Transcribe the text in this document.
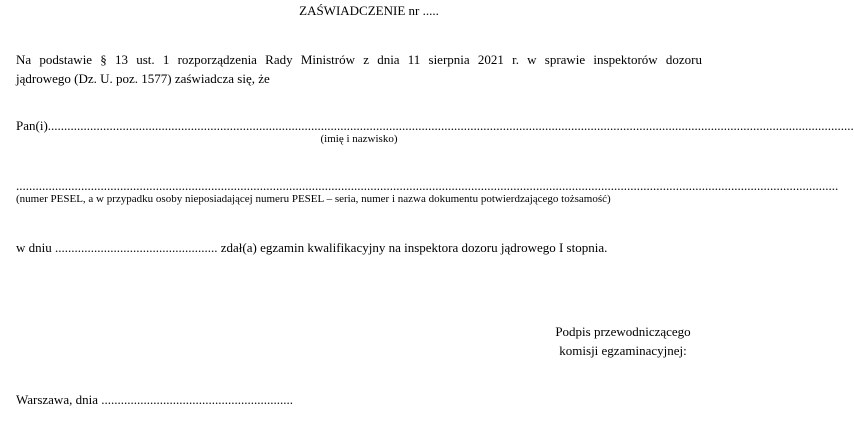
ZAŚWIADCZENIE nr .....
Na podstawie § 13 ust. 1 rozporządzenia Rady Ministrów z dnia 11 sierpnia 2021 r. w sprawie inspektorów dozoru
jądrowego (Dz. U. poz. 1577) zaświadcza się, że
Pan(i) ........................................................................................................................................................................................................................................................
(imię i nazwisko)
.............................................................................................................................................................................................................................................................
(numer PESEL, a w przypadku osoby nieposiadającej numeru PESEL – seria, numer i nazwa dokumentu potwierdzającego tożsamość)
w dniu .................................................. zdał(a) egzamin kwalifikacyjny na inspektora dozoru jądrowego I stopnia.
Podpis przewodniczącego
komisji egzaminacyjnej:
Warszawa, dnia ...........................................................
